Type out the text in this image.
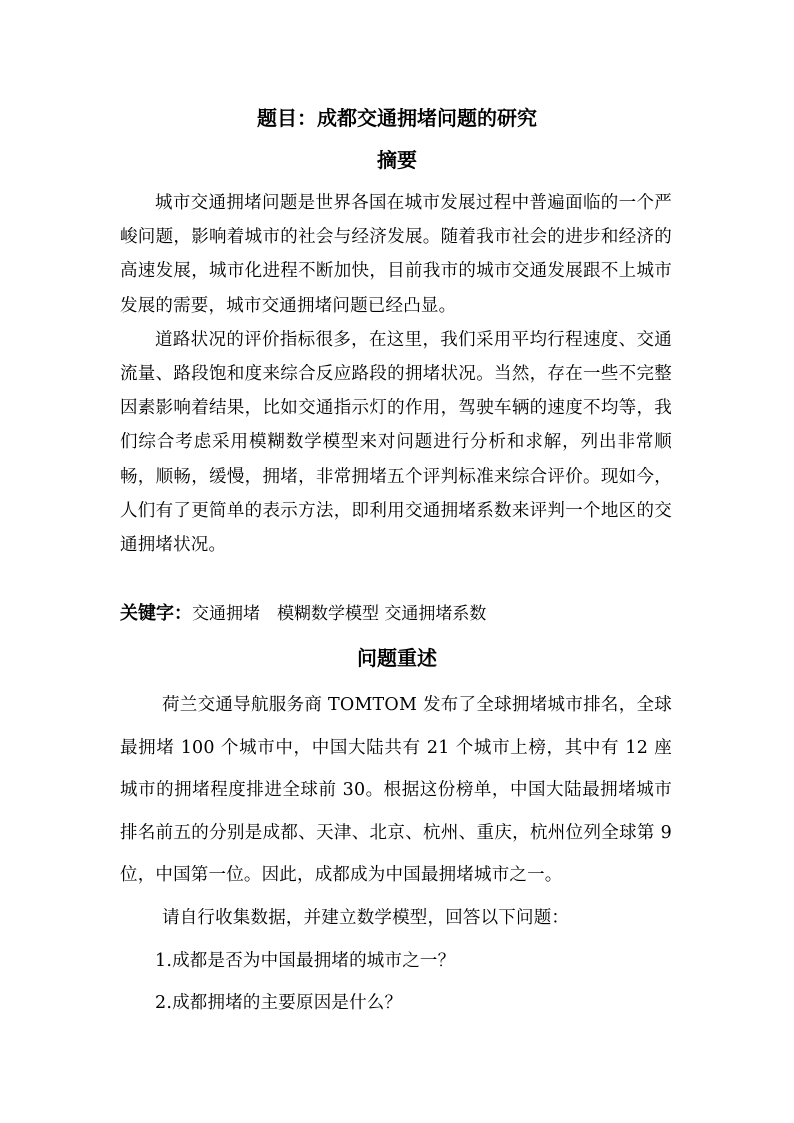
题目：成都交通拥堵问题的研究
摘要

城市交通拥堵问题是世界各国在城市发展过程中普遍面临的一个严峻问题，影响着城市的社会与经济发展。随着我市社会的进步和经济的高速发展，城市化进程不断加快，目前我市的城市交通发展跟不上城市发展的需要，城市交通拥堵问题已经凸显。

道路状况的评价指标很多，在这里，我们采用平均行程速度、交通流量、路段饱和度来综合反应路段的拥堵状况。当然，存在一些不完整因素影响着结果，比如交通指示灯的作用，驾驶车辆的速度不均等，我们综合考虑采用模糊数学模型来对问题进行分析和求解，列出非常顺畅，顺畅，缓慢，拥堵，非常拥堵五个评判标准来综合评价。现如今，人们有了更简单的表示方法，即利用交通拥堵系数来评判一个地区的交通拥堵状况。

关键字：交通拥堵　模糊数学模型 交通拥堵系数
问题重述

荷兰交通导航服务商 TOMTOM 发布了全球拥堵城市排名，全球最拥堵 100 个城市中，中国大陆共有 21 个城市上榜，其中有 12 座城市的拥堵程度排进全球前 30。根据这份榜单，中国大陆最拥堵城市排名前五的分别是成都、天津、北京、杭州、重庆，杭州位列全球第 9 位，中国第一位。因此，成都成为中国最拥堵城市之一。

请自行收集数据，并建立数学模型，回答以下问题：

1.成都是否为中国最拥堵的城市之一？

2.成都拥堵的主要原因是什么？
